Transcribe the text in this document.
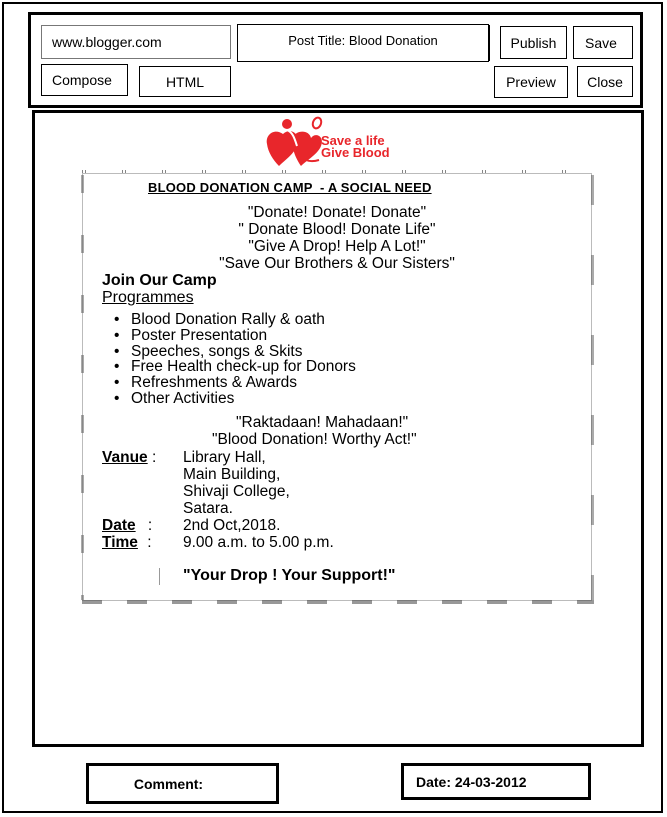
www.blogger.com	Post Title: Blood Donation	Publish	Save
Compose	HTML	Preview	Close
Save a life
Give Blood
BLOOD DONATION CAMP  - A SOCIAL NEED
"Donate! Donate! Donate"
" Donate Blood! Donate Life"
"Give A Drop! Help A Lot!"
"Save Our Brothers & Our Sisters"
Join Our Camp
Programmes
• Blood Donation Rally & oath
• Poster Presentation
• Speeches, songs & Skits
• Free Health check-up for Donors
• Refreshments & Awards
• Other Activities
"Raktadaan! Mahadaan!"
"Blood Donation! Worthy Act!"
Vanue : Library Hall,
Main Building,
Shivaji College,
Satara.
Date : 2nd Oct,2018.
Time : 9.00 a.m. to 5.00 p.m.
"Your Drop ! Your Support!"
Comment:	Date: 24-03-2012
